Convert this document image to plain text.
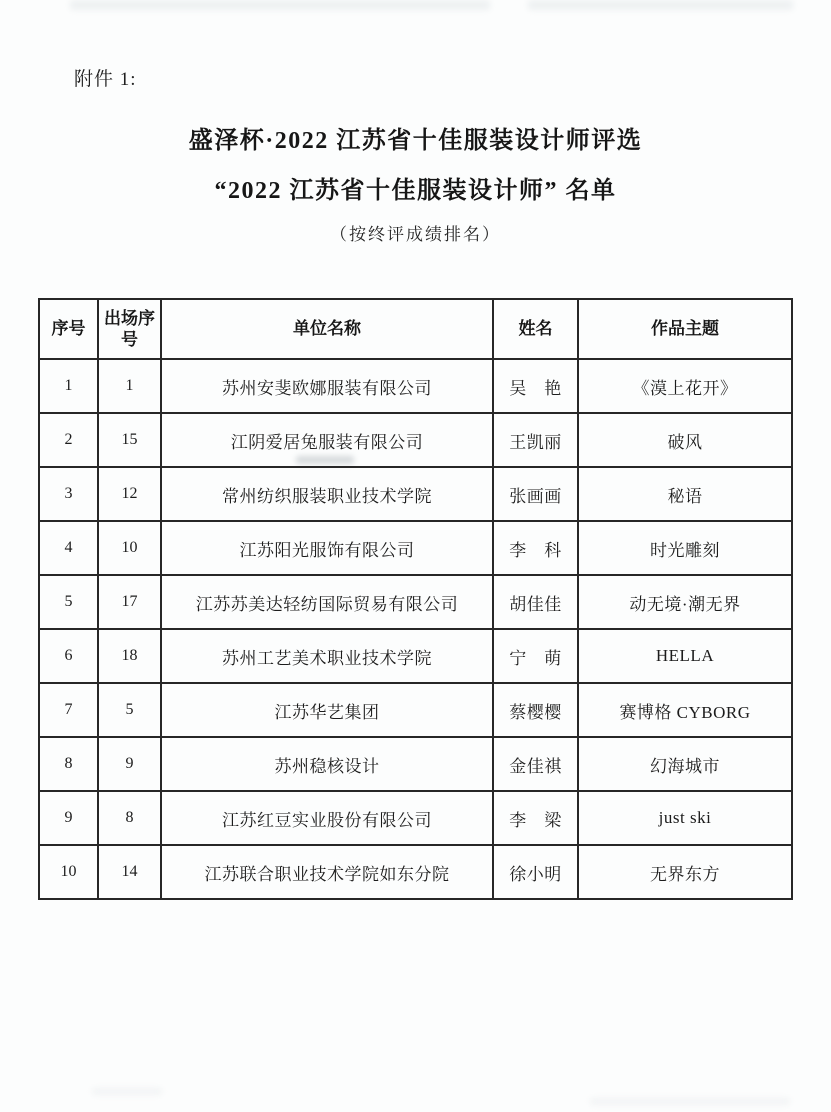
附件 1:
盛泽杯·2022 江苏省十佳服装设计师评选
“2022 江苏省十佳服装设计师” 名单
（按终评成绩排名）
序号	出场序号	单位名称	姓名	作品主题
1	1	苏州安斐欧娜服装有限公司	吴　艳	《漠上花开》
2	15	江阴爱居兔服装有限公司	王凯丽	破风
3	12	常州纺织服装职业技术学院	张画画	秘语
4	10	江苏阳光服饰有限公司	李　科	时光雕刻
5	17	江苏苏美达轻纺国际贸易有限公司	胡佳佳	动无境·潮无界
6	18	苏州工艺美术职业技术学院	宁　萌	HELLA
7	5	江苏华艺集团	蔡樱樱	赛博格 CYBORG
8	9	苏州稳核设计	金佳祺	幻海城市
9	8	江苏红豆实业股份有限公司	李　梁	just ski
10	14	江苏联合职业技术学院如东分院	徐小明	无界东方
